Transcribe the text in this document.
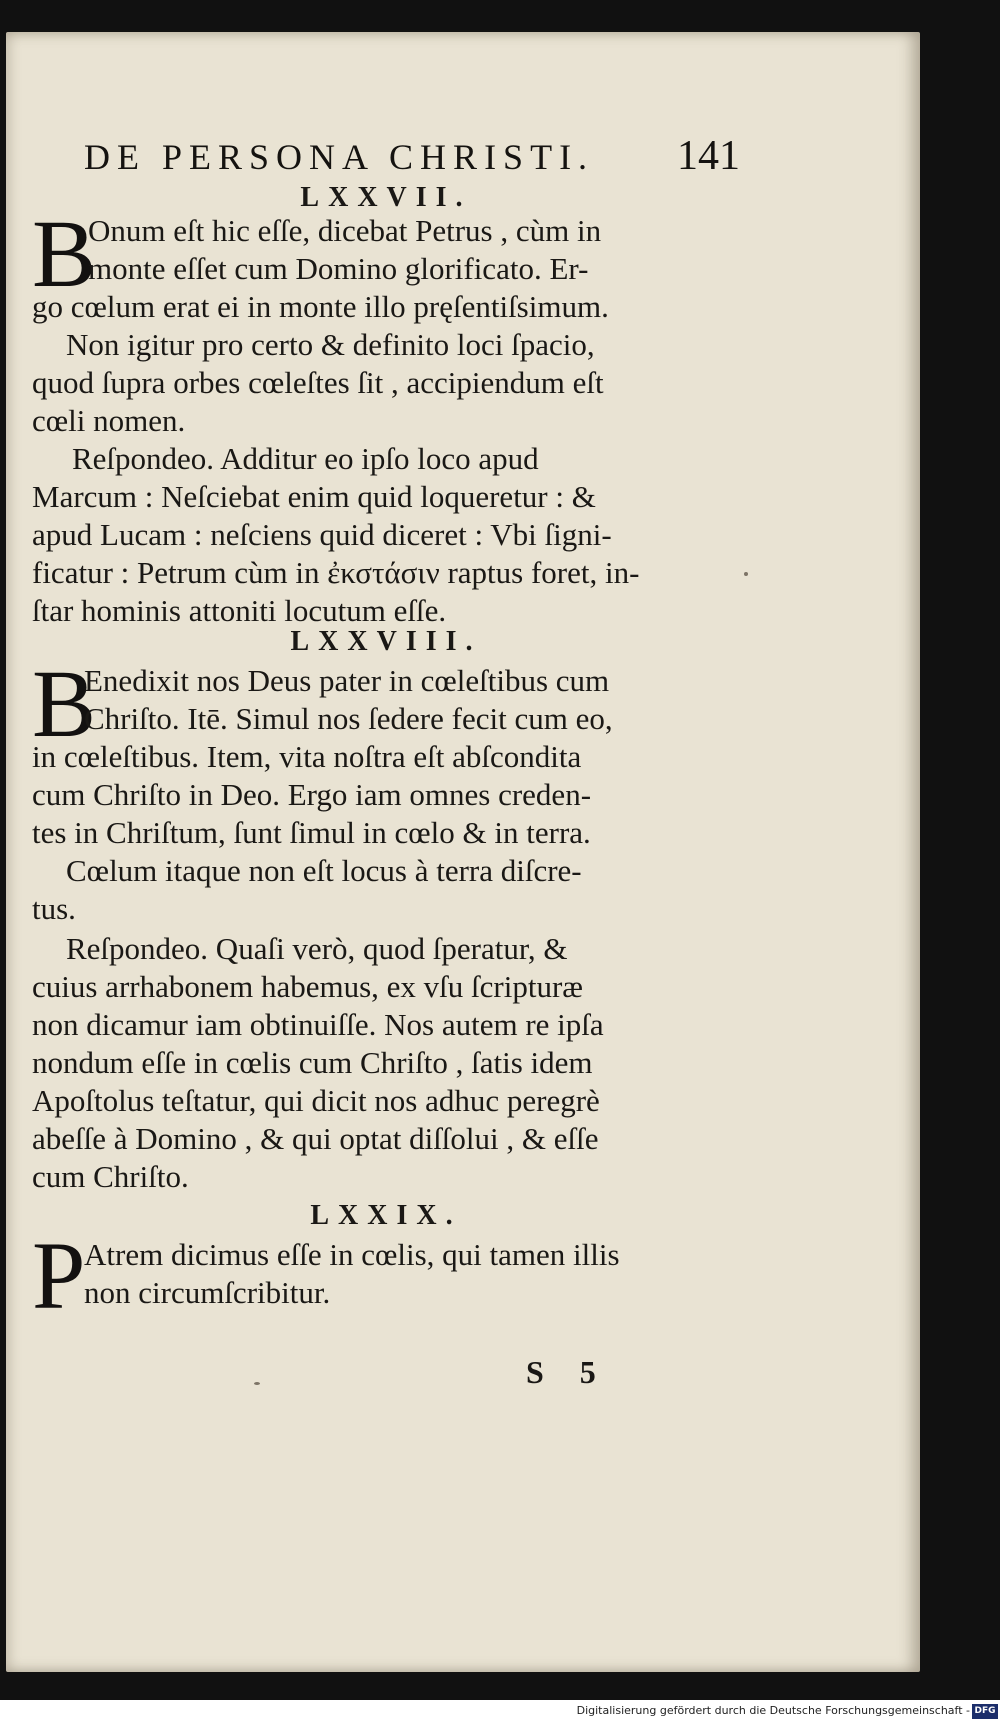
DE PERSONA CHRISTI. 141
LXXVII.
B
Onum eſt hic eſſe, dicebat Petrus , cùm in
monte eſſet cum Domino glorificato. Er-
go cœlum erat ei in monte illo pręſentiſsimum.
Non igitur pro certo & definito loci ſpacio,
quod ſupra orbes cœleſtes ſit , accipiendum eſt
cœli nomen.
Reſpondeo. Additur eo ipſo loco apud
Marcum : Neſciebat enim quid loqueretur : &
apud Lucam : neſciens quid diceret : Vbi ſigni-
ficatur : Petrum cùm in ἐκστάσιν raptus foret, in-
ſtar hominis attoniti locutum eſſe.
LXXVIII.
B
Enedixit nos Deus pater in cœleſtibus cum
Chriſto. Itē. Simul nos ſedere fecit cum eo,
in cœleſtibus. Item, vita noſtra eſt abſcondita
cum Chriſto in Deo. Ergo iam omnes creden-
tes in Chriſtum, ſunt ſimul in cœlo & in terra.
Cœlum itaque non eſt locus à terra diſcre-
tus.
Reſpondeo. Quaſi verò, quod ſperatur, &
cuius arrhabonem habemus, ex vſu ſcripturæ
non dicamur iam obtinuiſſe. Nos autem re ipſa
nondum eſſe in cœlis cum Chriſto , ſatis idem
Apoſtolus teſtatur, qui dicit nos adhuc peregrè
abeſſe à Domino , & qui optat diſſolui , & eſſe
cum Chriſto.
LXXIX.
P
Atrem dicimus eſſe in cœlis, qui tamen illis
non circumſcribitur.
S 5
Digitalisierung gefördert durch die Deutsche Forschungsgemeinschaft - DFG
